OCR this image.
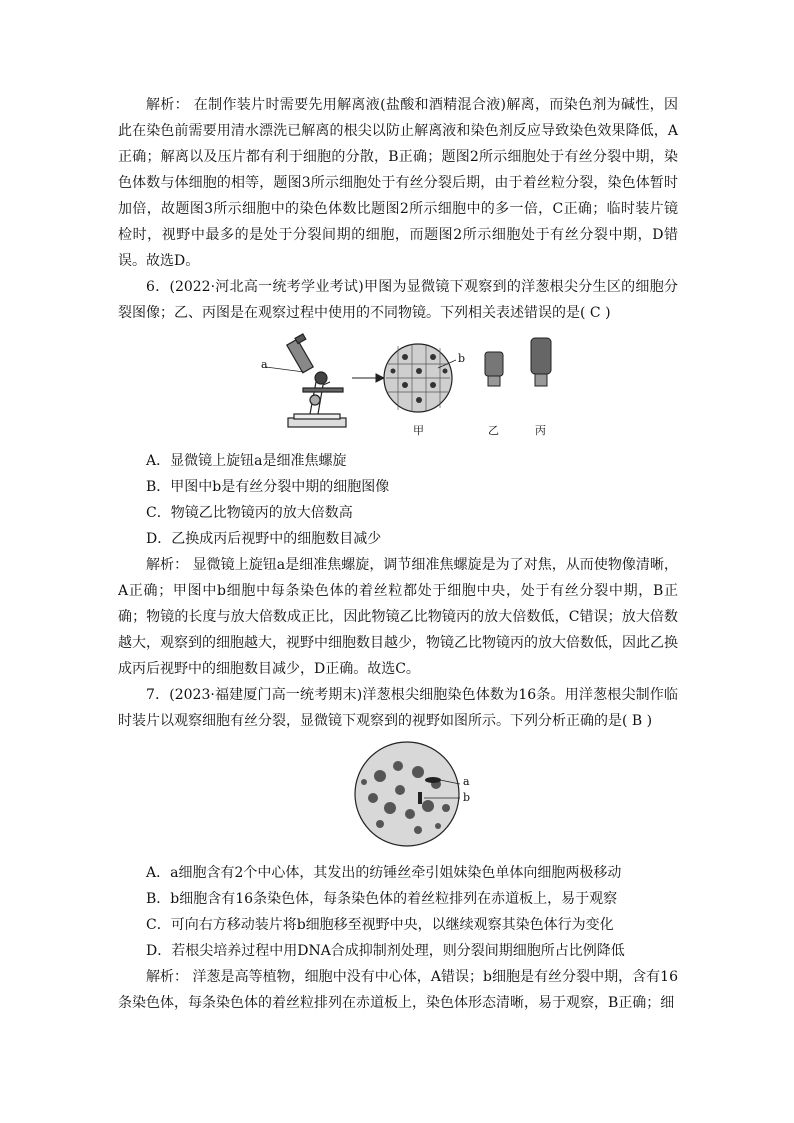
解析： 在制作装片时需要先用解离液(盐酸和酒精混合液)解离，而染色剂为碱性，因此在染色前需要用清水漂洗已解离的根尖以防止解离液和染色剂反应导致染色效果降低，A正确；解离以及压片都有利于细胞的分散，B正确；题图2所示细胞处于有丝分裂中期，染色体数与体细胞的相等，题图3所示细胞处于有丝分裂后期，由于着丝粒分裂，染色体暂时加倍，故题图3所示细胞中的染色体数比题图2所示细胞中的多一倍，C正确；临时装片镜检时，视野中最多的是处于分裂间期的细胞，而题图2所示细胞处于有丝分裂中期，D错误。故选D。

6．(2022·河北高一统考学业考试)甲图为显微镜下观察到的洋葱根尖分生区的细胞分裂图像；乙、丙图是在观察过程中使用的不同物镜。下列相关表述错误的是( C )

a	b
甲	乙	丙

A．显微镜上旋钮a是细准焦螺旋

B．甲图中b是有丝分裂中期的细胞图像

C．物镜乙比物镜丙的放大倍数高

D．乙换成丙后视野中的细胞数目减少

解析： 显微镜上旋钮a是细准焦螺旋，调节细准焦螺旋是为了对焦，从而使物像清晰，A正确；甲图中b细胞中每条染色体的着丝粒都处于细胞中央，处于有丝分裂中期，B正确；物镜的长度与放大倍数成正比，因此物镜乙比物镜丙的放大倍数低，C错误；放大倍数越大，观察到的细胞越大，视野中细胞数目越少，物镜乙比物镜丙的放大倍数低，因此乙换成丙后视野中的细胞数目减少，D正确。故选C。

7．(2023·福建厦门高一统考期末)洋葱根尖细胞染色体数为16条。用洋葱根尖制作临时装片以观察细胞有丝分裂，显微镜下观察到的视野如图所示。下列分析正确的是( B )

a
b

A．a细胞含有2个中心体，其发出的纺锤丝牵引姐妹染色单体向细胞两极移动

B．b细胞含有16条染色体，每条染色体的着丝粒排列在赤道板上，易于观察

C．可向右方移动装片将b细胞移至视野中央，以继续观察其染色体行为变化

D．若根尖培养过程中用DNA合成抑制剂处理，则分裂间期细胞所占比例降低

解析： 洋葱是高等植物，细胞中没有中心体，A错误；b细胞是有丝分裂中期，含有16条染色体，每条染色体的着丝粒排列在赤道板上，染色体形态清晰，易于观察，B正确；细
